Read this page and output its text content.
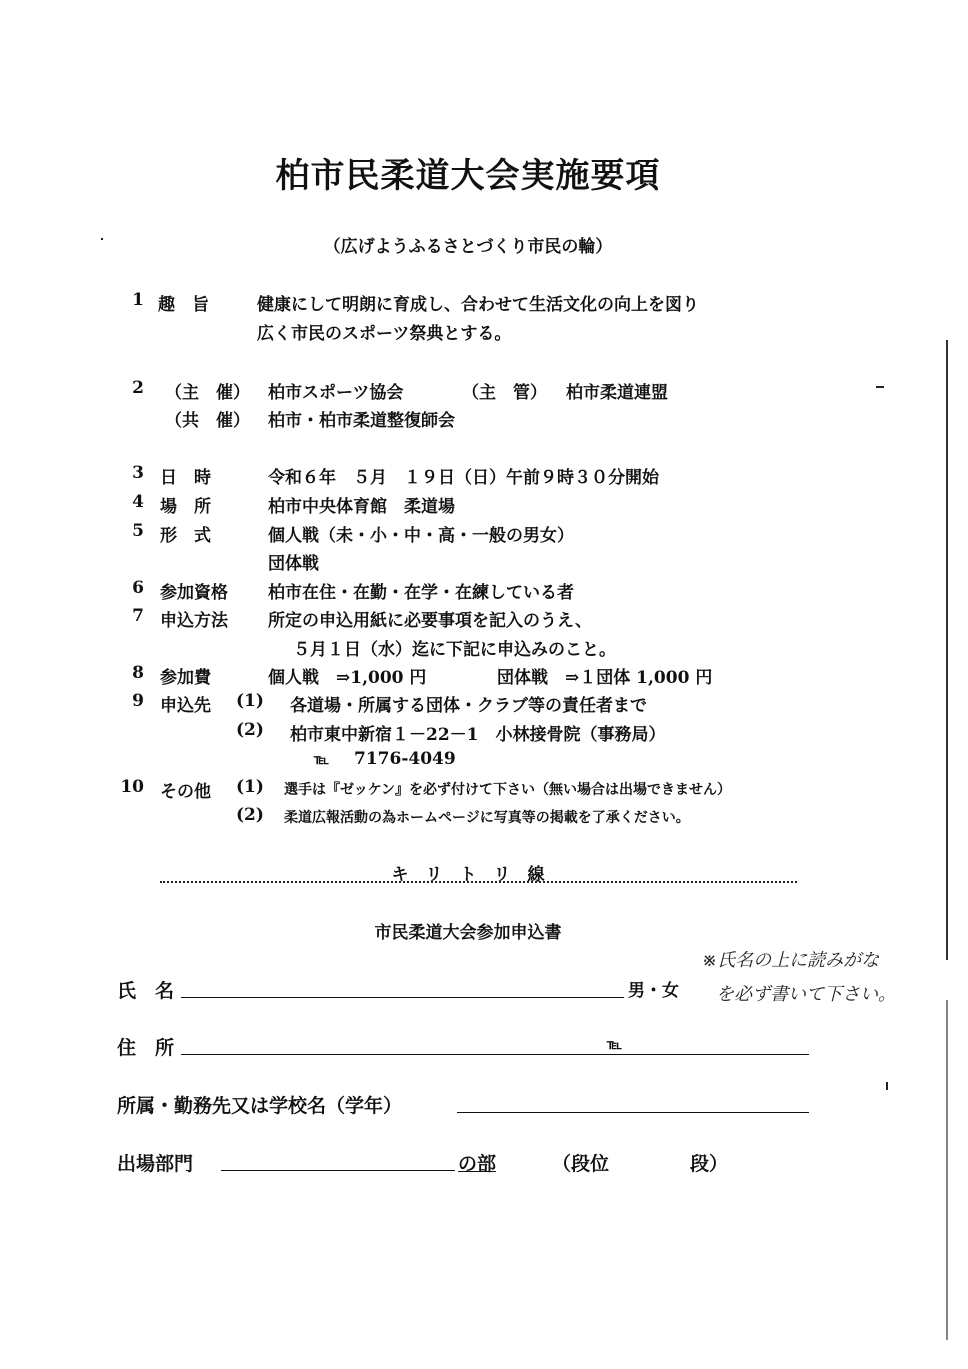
柏市民柔道大会実施要項
（広げようふるさとづくり市民の輪）
1 趣　旨	健康にして明朗に育成し、合わせて生活文化の向上を図り
広く市民のスポーツ祭典とする。
2 （主　催） 柏市スポーツ協会	（主　管） 柏市柔道連盟
（共　催） 柏市・柏市柔道整復師会
3 日　時	令和６年　５月　１９日（日）午前９時３０分開始
4 場　所	柏市中央体育館　柔道場
5 形　式	個人戦（未・小・中・高・一般の男女）
団体戦
6 参加資格 柏市在住・在勤・在学・在練している者
7 申込方法 所定の申込用紙に必要事項を記入のうえ、
５月１日（水）迄に下記に申込みのこと。
8 参加費	個人戦　⇒1,000 円	団体戦　⇒１団体 1,000 円
9 申込先 (1) 各道場・所属する団体・クラブ等の責任者まで
(2) 柏市東中新宿１－22－1　小林接骨院（事務局）
℡ 7176-4049
10 その他 (1) 選手は『ゼッケン』を必ず付けて下さい（無い場合は出場できません）
(2) 柔道広報活動の為ホームページに写真等の掲載を了承ください。
キ　リ　ト　リ　線
市民柔道大会参加申込書
※氏名の上に読みがな
を必ず書いて下さい。
氏　名	男・女
住　所	℡
所属・勤務先又は学校名（学年）
出場部門	の部	（段位	段）
